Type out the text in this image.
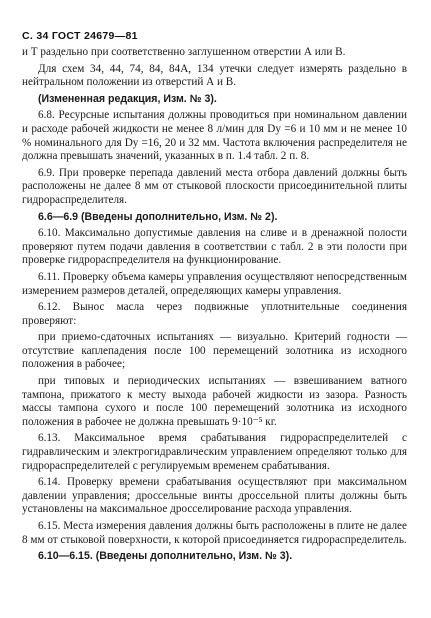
С. 34 ГОСТ 24679—81

и Т раздельно при соответственно заглушенном отверстии А или В.

Для схем 34, 44, 74, 84, 84А, 134 утечки следует измерять раздельно в нейтральном положении из отверстий А и В.

(Измененная редакция, Изм. № 3).

6.8. Ресурсные испытания должны проводиться при номинальном давлении и расходе рабочей жидкости не менее 8 л/мин для Dy =6 и 10 мм и не менее 10 % номинального для Dy =16, 20 и 32 мм. Частота включения распределителя не должна превышать значений, указанных в п. 1.4 табл. 2 п. 8.

6.9. При проверке перепада давлений места отбора давлений должны быть расположены не далее 8 мм от стыковой плоскости присоединительной плиты гидрораспределителя.

6.6—6.9 (Введены дополнительно, Изм. № 2).

6.10. Максимально допустимые давления на сливе и в дренажной полости проверяют путем подачи давления в соответствии с табл. 2 в эти полости при проверке гидрораспределителя на функционирование.

6.11. Проверку объема камеры управления осуществляют непосредственным измерением размеров деталей, определяющих камеры управления.

6.12. Вынос масла через подвижные уплотнительные соединения проверяют:

при приемо-сдаточных испытаниях — визуально. Критерий годности — отсутствие каплепадения после 100 перемещений золотника из исходного положения в рабочее;

при типовых и периодических испытаниях — взвешиванием ватного тампона, прижатого к месту выхода рабочей жидкости из зазора. Разность массы тампона сухого и после 100 перемещений золотника из исходного положения в рабочее не должна превышать 9·10⁻⁵ кг.

6.13. Максимальное время срабатывания гидрораспределителей с гидравлическим и электрогидравлическим управлением определяют только для гидрораспределителей с регулируемым временем срабатывания.

6.14. Проверку времени срабатывания осуществляют при максимальном давлении управления; дроссельные винты дроссельной плиты должны быть установлены на максимальное дросселирование расхода управления.

6.15. Места измерения давления должны быть расположены в плите не далее 8 мм от стыковой поверхности, к которой присоединяется гидрораспределитель.

6.10—6.15. (Введены дополнительно, Изм. № 3).
